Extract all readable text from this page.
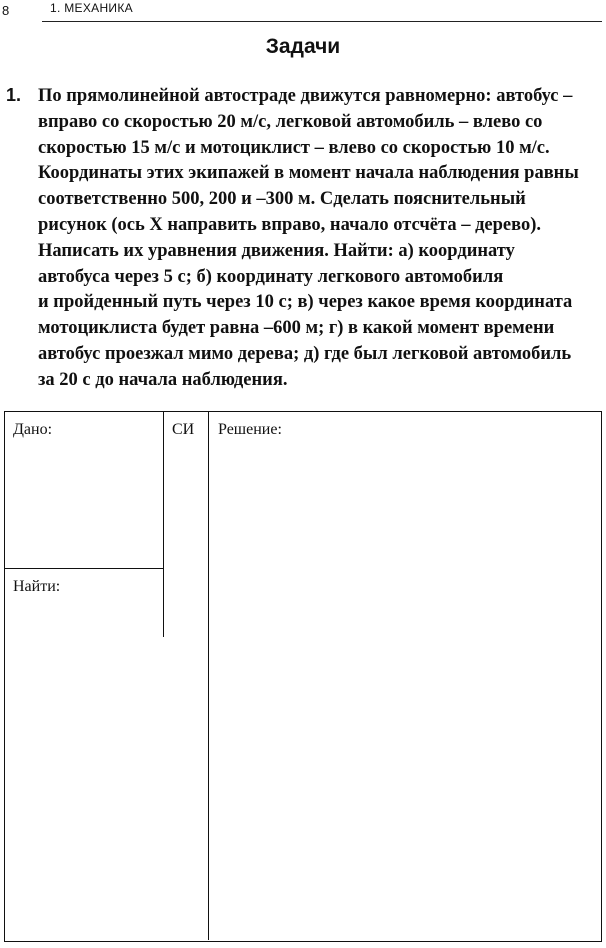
8	1. МЕХАНИКА
Задачи
1. По прямолинейной автостраде движутся равномерно: автобус –
вправо со скоростью 20 м/с, легковой автомобиль – влево со
скоростью 15 м/с и мотоциклист – влево со скоростью 10 м/с.
Координаты этих экипажей в момент начала наблюдения равны
соответственно 500, 200 и –300 м. Сделать пояснительный
рисунок (ось X направить вправо, начало отсчёта – дерево).
Написать их уравнения движения. Найти: а) координату
автобуса через 5 с; б) координату легкового автомобиля
и пройденный путь через 10 с; в) через какое время координата
мотоциклиста будет равна –600 м; г) в какой момент времени
автобус проезжал мимо дерева; д) где был легковой автомобиль
за 20 с до начала наблюдения.
Дано:	СИ Решение:
Найти:
